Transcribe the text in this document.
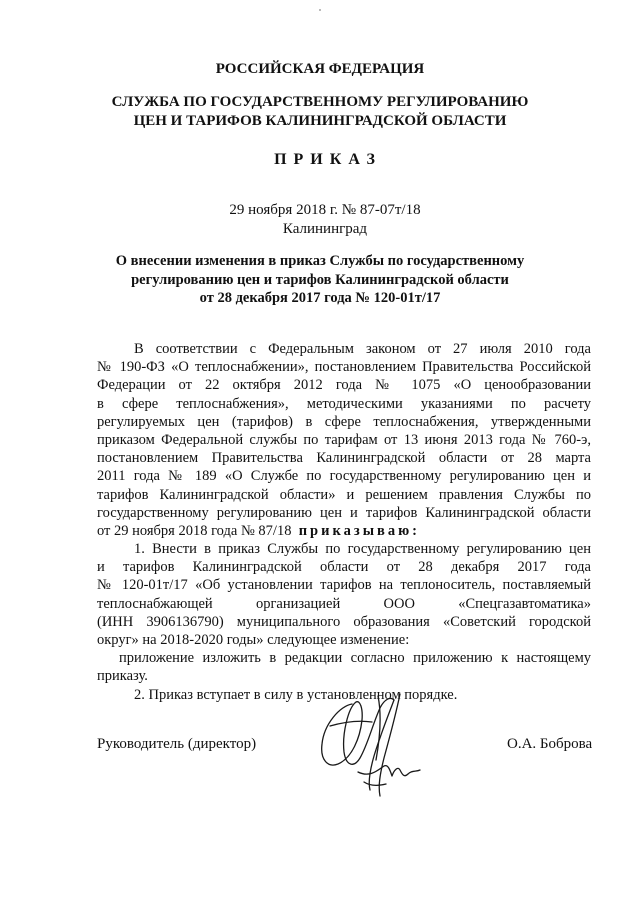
РОССИЙСКАЯ ФЕДЕРАЦИЯ
СЛУЖБА ПО ГОСУДАРСТВЕННОМУ РЕГУЛИРОВАНИЮ
ЦЕН И ТАРИФОВ КАЛИНИНГРАДСКОЙ ОБЛАСТИ
ПРИКАЗ
29 ноября 2018 г. № 87-07т/18
Калининград
О внесении изменения в приказ Службы по государственному
регулированию цен и тарифов Калининградской области
от 28 декабря 2017 года № 120-01т/17
В соответствии с Федеральным законом от 27 июля 2010 года
№ 190-ФЗ «О теплоснабжении», постановлением Правительства Российской
Федерации от 22 октября 2012 года № 1075 «О ценообразовании
в сфере теплоснабжения», методическими указаниями по расчету
регулируемых цен (тарифов) в сфере теплоснабжения, утвержденными
приказом Федеральной службы по тарифам от 13 июня 2013 года № 760-э,
постановлением Правительства Калининградской области от 28 марта
2011 года № 189 «О Службе по государственному регулированию цен и
тарифов Калининградской области» и решением правления Службы по
государственному регулированию цен и тарифов Калининградской области
от 29 ноября 2018 года № 87/18 приказываю:
1. Внести в приказ Службы по государственному регулированию цен
и тарифов Калининградской области от 28 декабря 2017 года
№ 120-01т/17 «Об установлении тарифов на теплоноситель, поставляемый
теплоснабжающей организацией ООО «Спецгазавтоматика»
(ИНН 3906136790) муниципального образования «Советский городской
округ» на 2018-2020 годы» следующее изменение:
приложение изложить в редакции согласно приложению к настоящему
приказу.
2. Приказ вступает в силу в установленном порядке.
Руководитель (директор)	О.А. Боброва
